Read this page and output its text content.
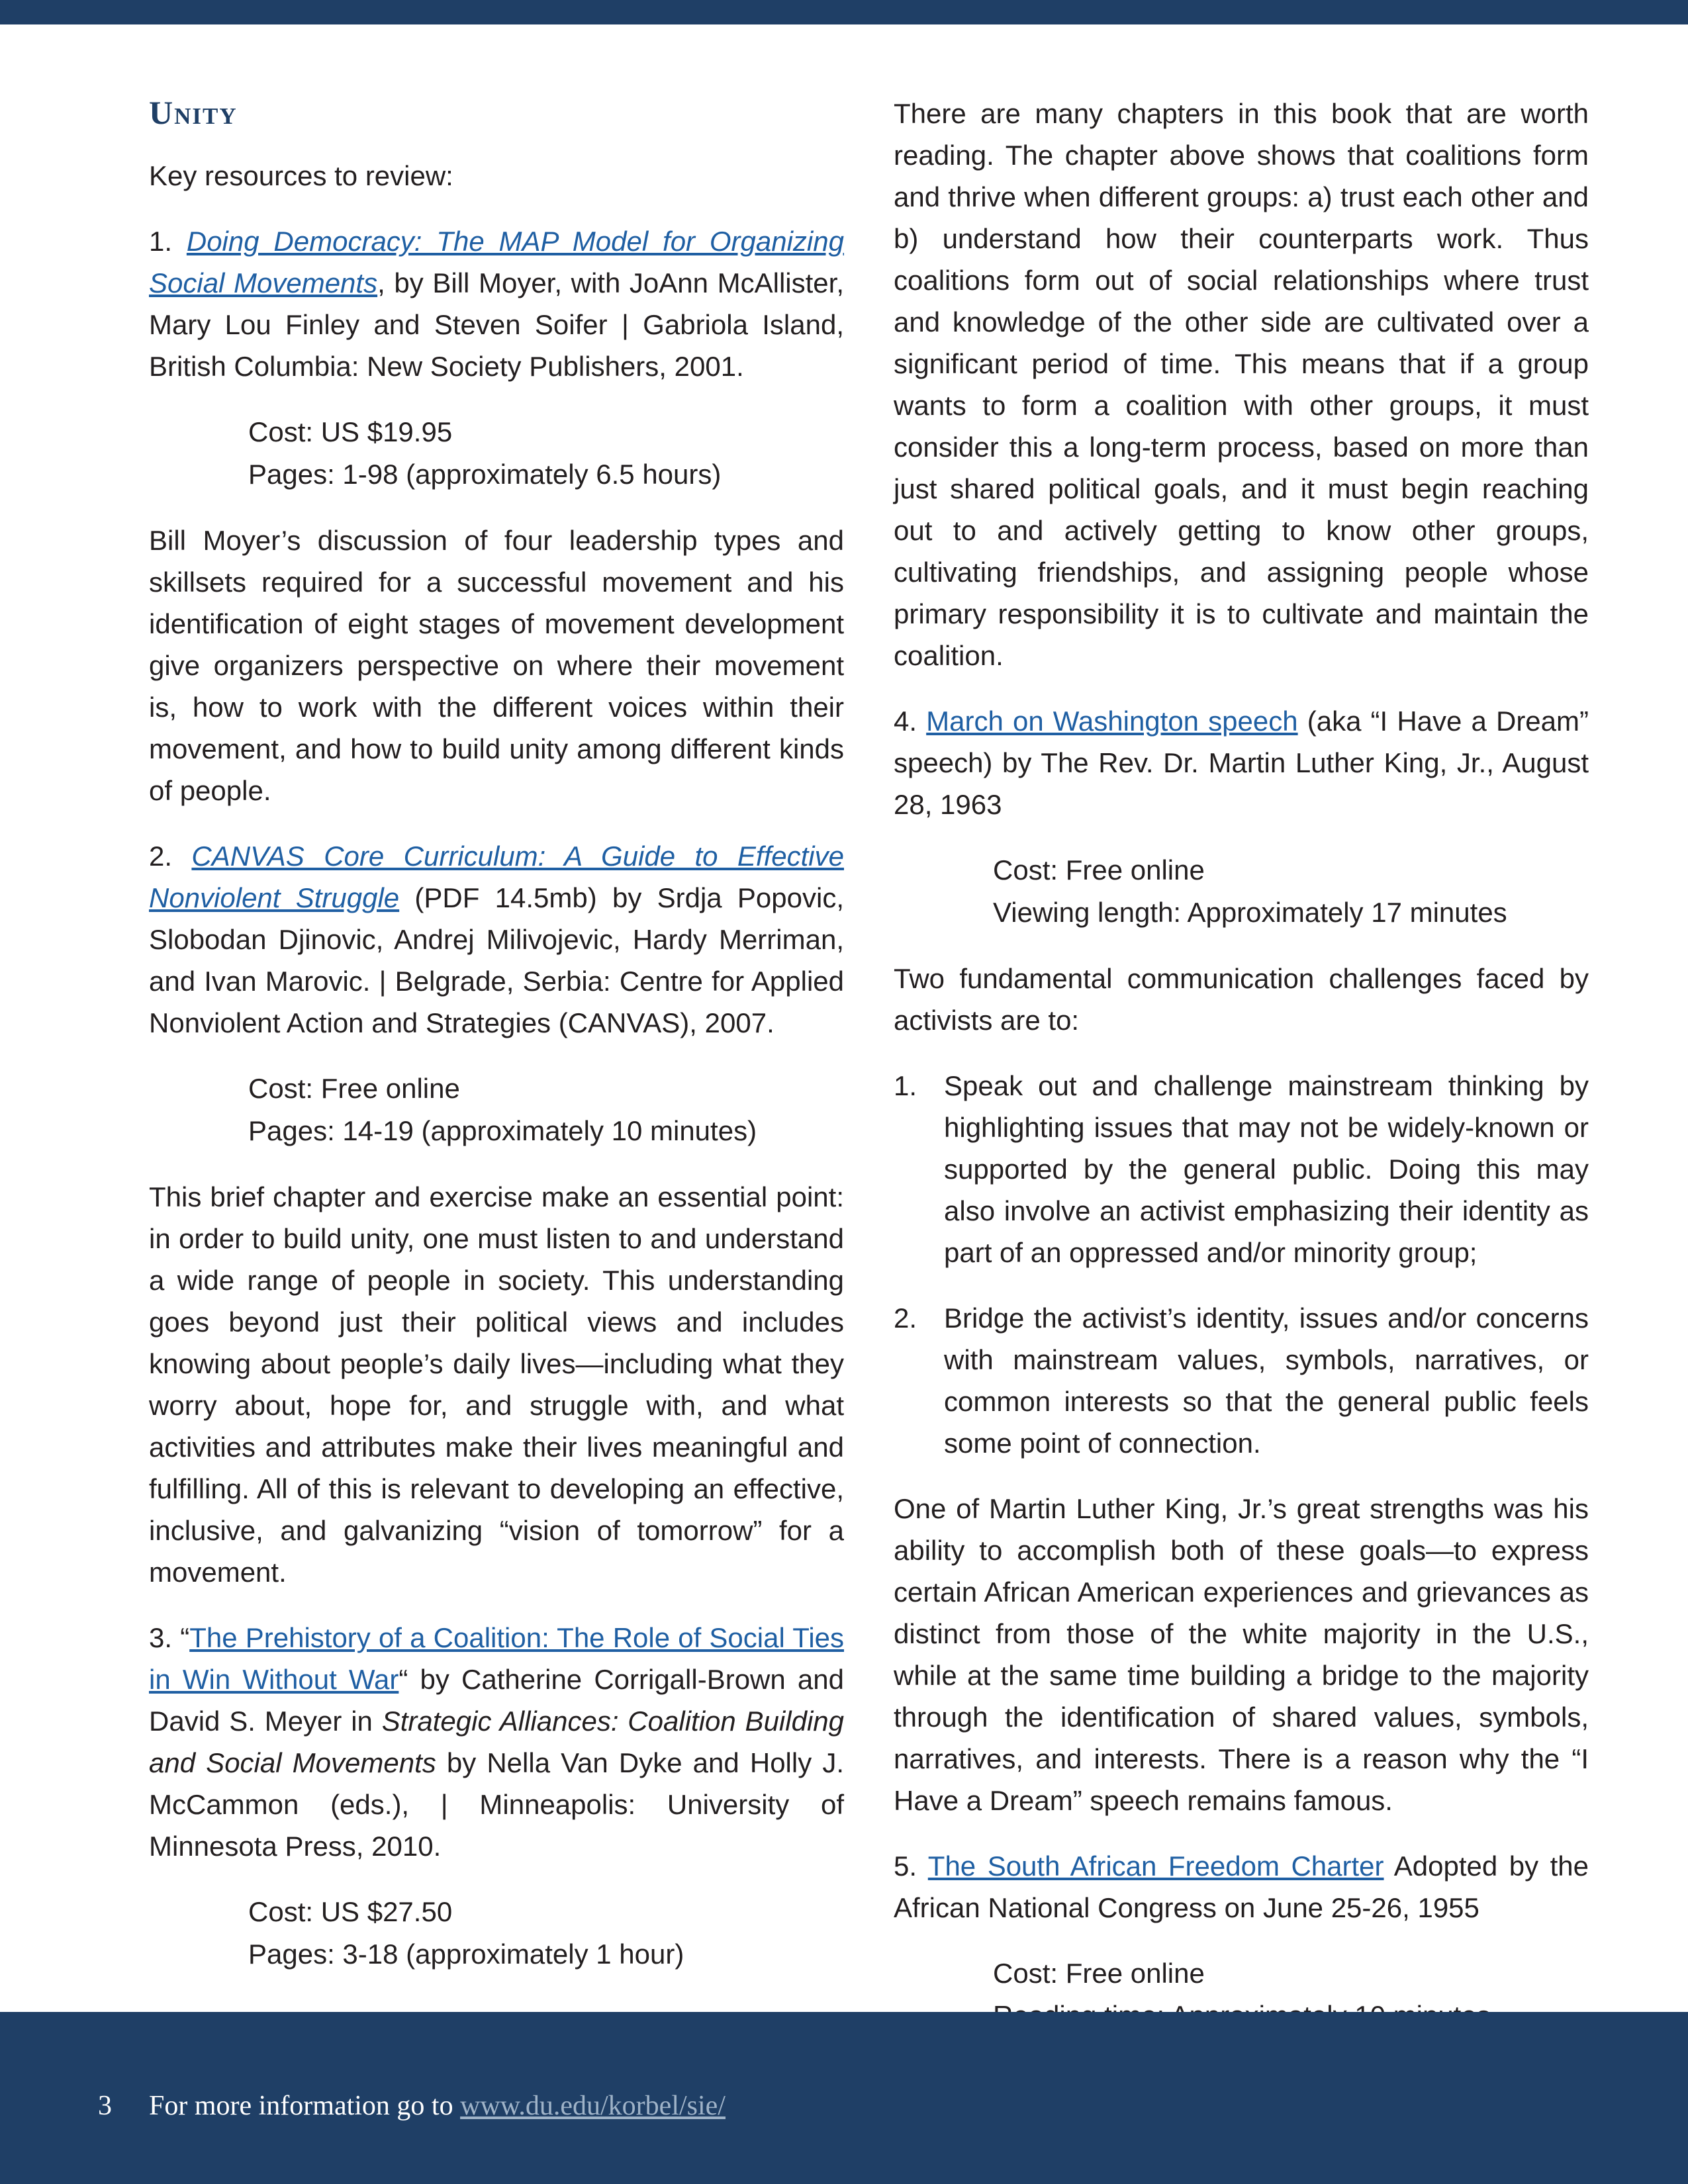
Unity

Key resources to review:

1. Doing Democracy: The MAP Model for Organizing Social Movements, by Bill Moyer, with JoAnn McAllister, Mary Lou Finley and Steven Soifer | Gabriola Island, British Columbia: New Society Publishers, 2001.

Cost: US $19.95
Pages: 1-98 (approximately 6.5 hours)

Bill Moyer’s discussion of four leadership types and skillsets required for a successful movement and his identification of eight stages of movement development give organizers perspective on where their movement is, how to work with the different voices within their movement, and how to build unity among different kinds of people.

2. CANVAS Core Curriculum: A Guide to Effective Nonviolent Struggle (PDF 14.5mb) by Srdja Popovic, Slobodan Djinovic, Andrej Milivojevic, Hardy Merriman, and Ivan Marovic. | Belgrade, Serbia: Centre for Applied Nonviolent Action and Strategies (CANVAS), 2007.

Cost: Free online
Pages: 14-19 (approximately 10 minutes)

This brief chapter and exercise make an essential point: in order to build unity, one must listen to and understand a wide range of people in society. This understanding goes beyond just their political views and includes knowing about people’s daily lives—including what they worry about, hope for, and struggle with, and what activities and attributes make their lives meaningful and fulfilling. All of this is relevant to developing an effective, inclusive, and galvanizing “vision of tomorrow” for a movement.

3. “The Prehistory of a Coalition: The Role of Social Ties in Win Without War“ by Catherine Corrigall-Brown and David S. Meyer in Strategic Alliances: Coalition Building and Social Movements by Nella Van Dyke and Holly J. McCammon (eds.), | Minneapolis: University of Minnesota Press, 2010.

Cost: US $27.50
Pages: 3-18 (approximately 1 hour)

There are many chapters in this book that are worth reading. The chapter above shows that coalitions form and thrive when different groups: a) trust each other and b) understand how their counterparts work. Thus coalitions form out of social relationships where trust and knowledge of the other side are cultivated over a significant period of time. This means that if a group wants to form a coalition with other groups, it must consider this a long-term process, based on more than just shared political goals, and it must begin reaching out to and actively getting to know other groups, cultivating friendships, and assigning people whose primary responsibility it is to cultivate and maintain the coalition.

4. March on Washington speech (aka “I Have a Dream” speech) by The Rev. Dr. Martin Luther King, Jr., August 28, 1963

Cost: Free online
Viewing length: Approximately 17 minutes

Two fundamental communication challenges faced by activists are to:

1. Speak out and challenge mainstream thinking by highlighting issues that may not be widely-known or supported by the general public. Doing this may also involve an activist emphasizing their identity as part of an oppressed and/or minority group;
2. Bridge the activist’s identity, issues and/or concerns with mainstream values, symbols, narratives, or common interests so that the general public feels some point of connection.

One of Martin Luther King, Jr.’s great strengths was his ability to accomplish both of these goals—to express certain African American experiences and grievances as distinct from those of the white majority in the U.S., while at the same time building a bridge to the majority through the identification of shared values, symbols, narratives, and interests. There is a reason why the “I Have a Dream” speech remains famous.

5. The South African Freedom Charter Adopted by the African National Congress on June 25-26, 1955

Cost: Free online
3 For more information go to www.du.edu/korbel/sie/
